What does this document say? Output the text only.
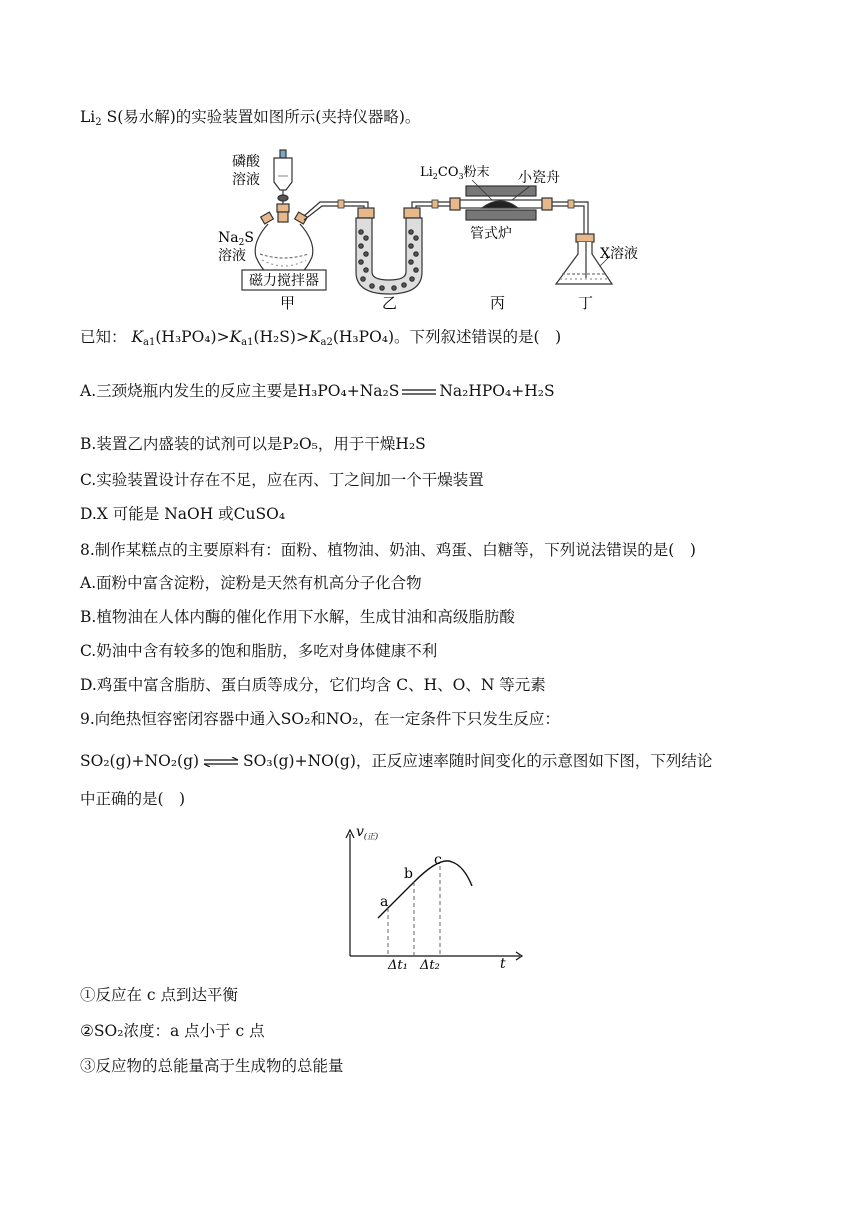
$Li_2$ S(易水解)的实验装置如图所示(夹持仪器略)。
磁力搅拌器
磷酸
溶液
$Na_2S$
溶液
$Li_2CO_3$粉末 小瓷舟
管式炉
X溶液
甲	乙	丙	丁
已知： $K_{a1}(H_3PO_4)>K_{a1}(H_2S)>K_{a2}(H_3PO_4)$。下列叙述错误的是(　)
A.三颈烧瓶内发生的反应主要是H₃PO₄+Na₂S	Na₂HPO₄+H₂S
B.装置乙内盛装的试剂可以是P₂O₅，用于干燥H₂S
C.实验装置设计存在不足，应在丙、丁之间加一个干燥装置
D.X 可能是 NaOH 或CuSO₄
8.制作某糕点的主要原料有：面粉、植物油、奶油、鸡蛋、白糖等，下列说法错误的是(　)
A.面粉中富含淀粉，淀粉是天然有机高分子化合物
B.植物油在人体内酶的催化作用下水解，生成甘油和高级脂肪酸
C.奶油中含有较多的饱和脂肪，多吃对身体健康不利
D.鸡蛋中富含脂肪、蛋白质等成分，它们均含 C、H、O、N 等元素
9.向绝热恒容密闭容器中通入SO₂和NO₂，在一定条件下只发生反应：
SO₂(g)+NO₂(g) ⇌ SO₃(g)+NO(g)，正反应速率随时间变化的示意图如下图，下列结论
中正确的是(　)
$v_{(正)}$
t
a
b
c
Δt₁ Δt₂
①反应在 c 点到达平衡
②SO₂浓度：a 点小于 c 点
③反应物的总能量高于生成物的总能量
